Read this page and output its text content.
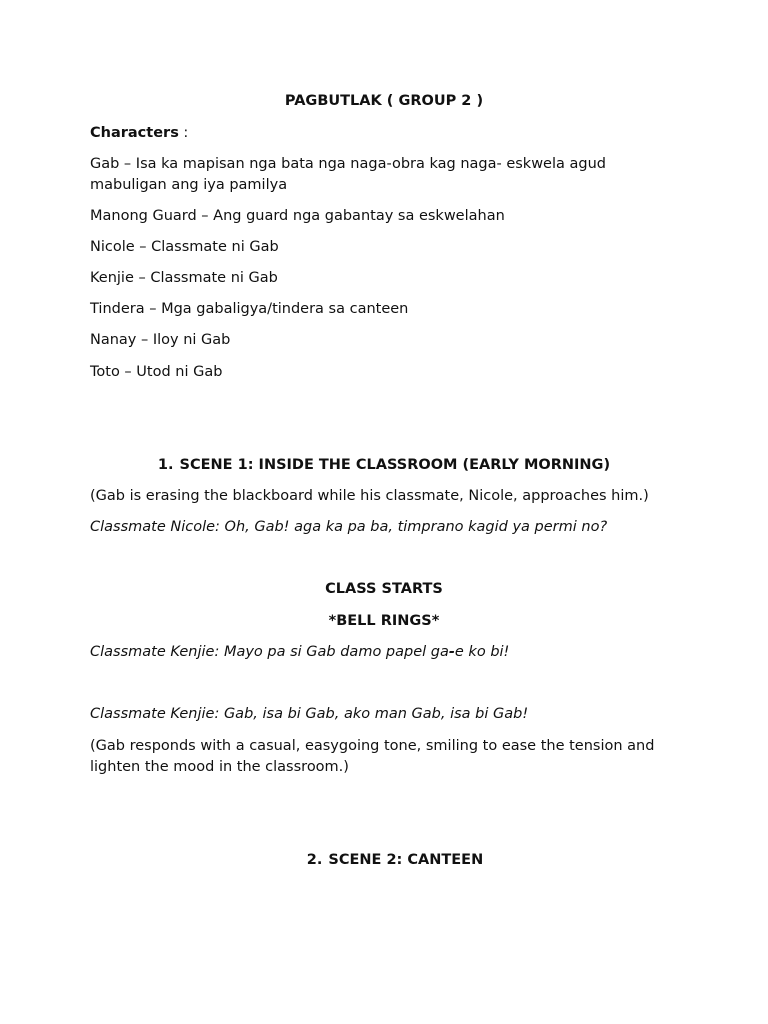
PAGBUTLAK ( GROUP 2 )

Characters :

Gab – Isa ka mapisan nga bata nga naga-obra kag naga- eskwela agud mabuligan ang iya pamilya

Manong Guard – Ang guard nga gabantay sa eskwelahan

Nicole – Classmate ni Gab

Kenjie – Classmate ni Gab

Tindera – Mga gabaligya/tindera sa canteen

Nanay – Iloy ni Gab

Toto – Utod ni Gab

1. SCENE 1: INSIDE THE CLASSROOM (EARLY MORNING)

(Gab is erasing the blackboard while his classmate, Nicole, approaches him.)

Classmate Nicole: Oh, Gab! aga ka pa ba, timprano kagid ya permi no?

CLASS STARTS

*BELL RINGS*

Classmate Kenjie: Mayo pa si Gab damo papel ga-e ko bi!

Classmate Kenjie: Gab, isa bi Gab, ako man Gab, isa bi Gab!

(Gab responds with a casual, easygoing tone, smiling to ease the tension and lighten the mood in the classroom.)

2. SCENE 2: CANTEEN
